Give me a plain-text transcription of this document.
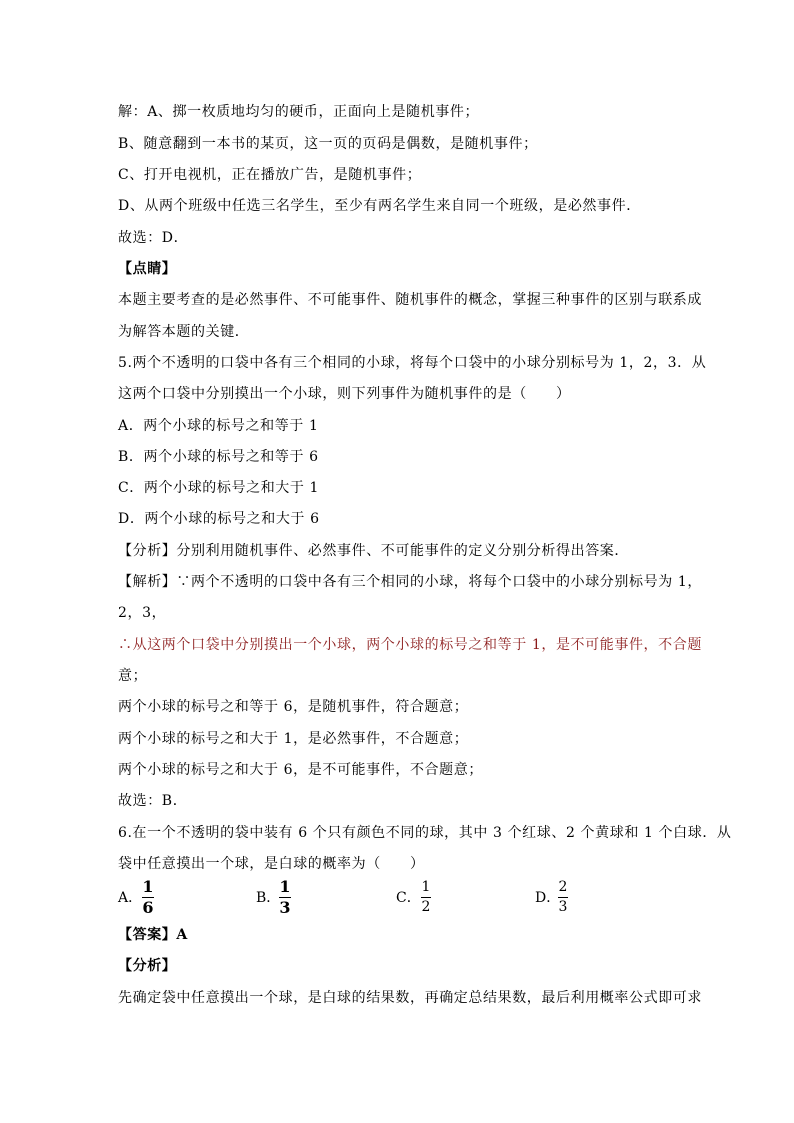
解：A、掷一枚质地均匀的硬币，正面向上是随机事件；
B、随意翻到一本书的某页，这一页的页码是偶数，是随机事件；
C、打开电视机，正在播放广告，是随机事件；
D、从两个班级中任选三名学生，至少有两名学生来自同一个班级，是必然事件．
故选：D．
【点睛】
本题主要考查的是必然事件、不可能事件、随机事件的概念，掌握三种事件的区别与联系成
为解答本题的关键．
5.两个不透明的口袋中各有三个相同的小球，将每个口袋中的小球分别标号为 1，2，3．从
这两个口袋中分别摸出一个小球，则下列事件为随机事件的是（　　）
A．两个小球的标号之和等于 1
B．两个小球的标号之和等于 6
C．两个小球的标号之和大于 1
D．两个小球的标号之和大于 6
【分析】分别利用随机事件、必然事件、不可能事件的定义分别分析得出答案．
【解析】∵两个不透明的口袋中各有三个相同的小球，将每个口袋中的小球分别标号为 1，
2，3，
∴从这两个口袋中分别摸出一个小球，两个小球的标号之和等于 1，是不可能事件，不合题
意；
两个小球的标号之和等于 6，是随机事件，符合题意；
两个小球的标号之和大于 1，是必然事件，不合题意；
两个小球的标号之和大于 6，是不可能事件，不合题意；
故选：B．
6.在一个不透明的袋中装有 6 个只有颜色不同的球，其中 3 个红球、2 个黄球和 1 个白球．从
袋中任意摸出一个球，是白球的概率为（　　）
A．
1
6	B．
1
3	C．
1
2
D．
2
3
【答案】A
【分析】
先确定袋中任意摸出一个球，是白球的结果数，再确定总结果数，最后利用概率公式即可求
